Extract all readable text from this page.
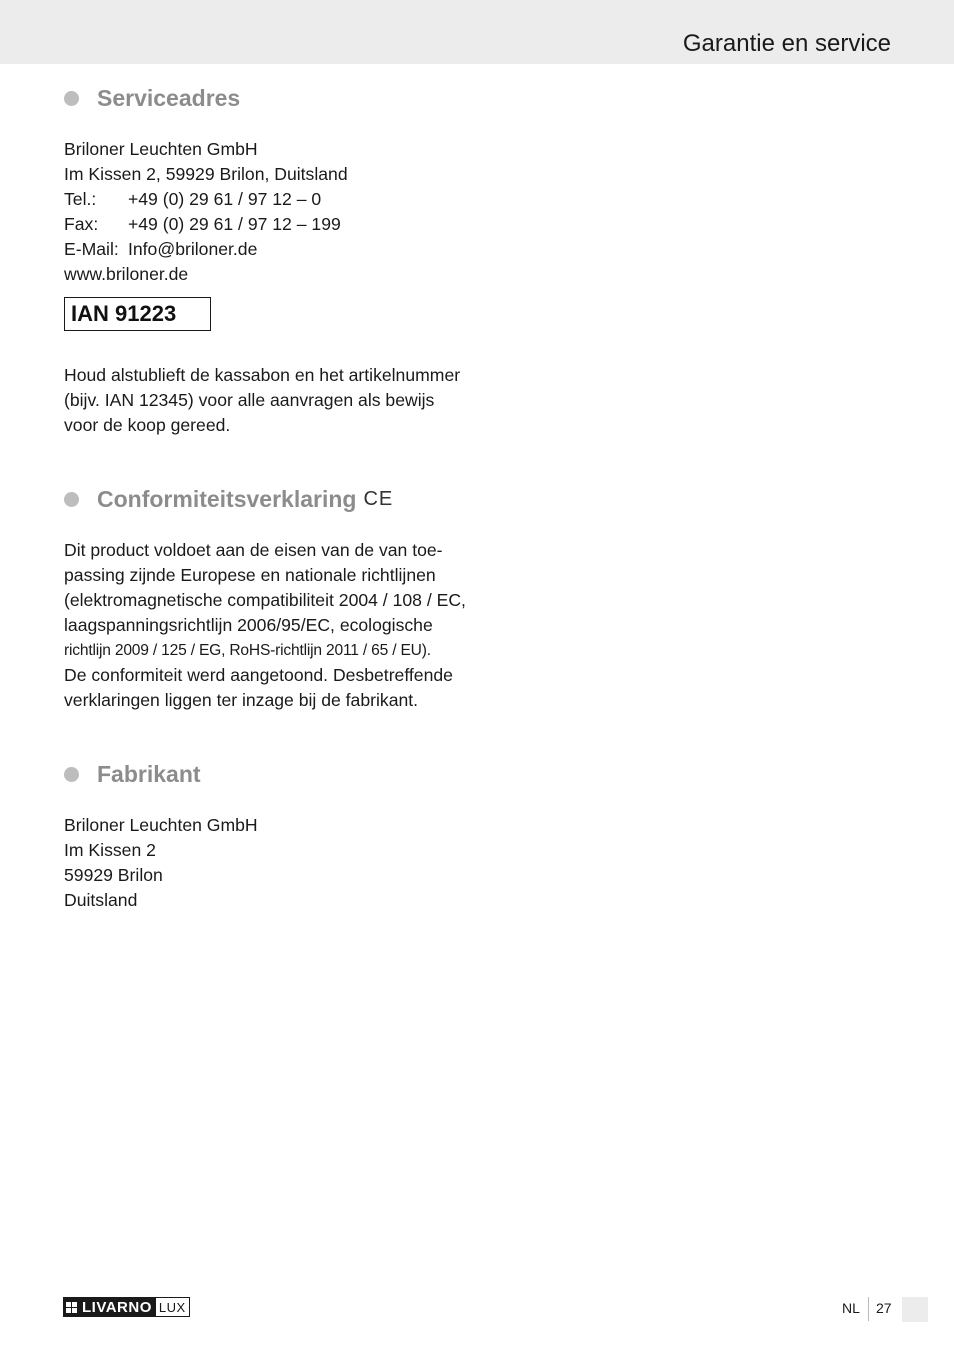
Garantie en service
Serviceadres
Briloner Leuchten GmbH
Im Kissen 2, 59929 Brilon, Duitsland
Tel.:	+49 (0) 29 61 / 97 12 – 0
Fax:	+49 (0) 29 61 / 97 12 – 199
E-Mail: Info@briloner.de
www.briloner.de
IAN 91223
Houd alstublieft de kassabon en het artikelnummer
(bijv. IAN 12345) voor alle aanvragen als bewijs
voor de koop gereed.
Conformiteitsverklaring CE
Dit product voldoet aan de eisen van de van toe-
passing zijnde Europese en nationale richtlijnen
(elektromagnetische compatibiliteit 2004 / 108 / EC,
laagspanningsrichtlijn 2006/95/EC, ecologische
richtlijn 2009 / 125 / EG, RoHS-richtlijn 2011 / 65 / EU).
De conformiteit werd aangetoond. Desbetreffende
verklaringen liggen ter inzage bij de fabrikant.
Fabrikant
Briloner Leuchten GmbH
Im Kissen 2
59929 Brilon
Duitsland
LIVARNO LUX	NL 27
